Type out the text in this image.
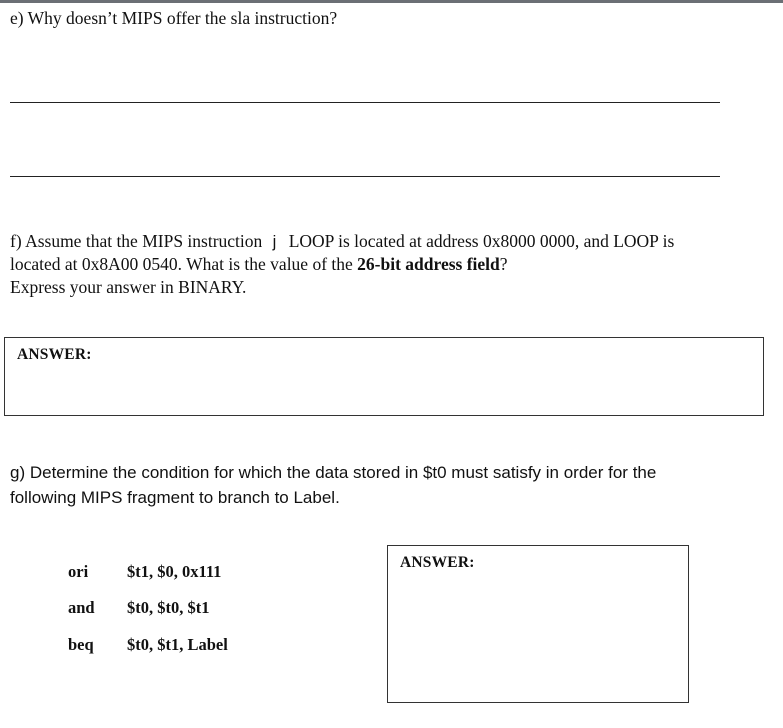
e) Why doesn’t MIPS offer the sla instruction?
f) Assume that the MIPS instruction j LOOP is located at address 0x8000 0000, and LOOP is
located at 0x8A00 0540. What is the value of the 26-bit address field?
Express your answer in BINARY.
ANSWER:
g) Determine the condition for which the data stored in $t0 must satisfy in order for the
following MIPS fragment to branch to Label.
ori $t1, $0, 0x111
and $t0, $t0, $t1
beq $t0, $t1, Label
ANSWER:
